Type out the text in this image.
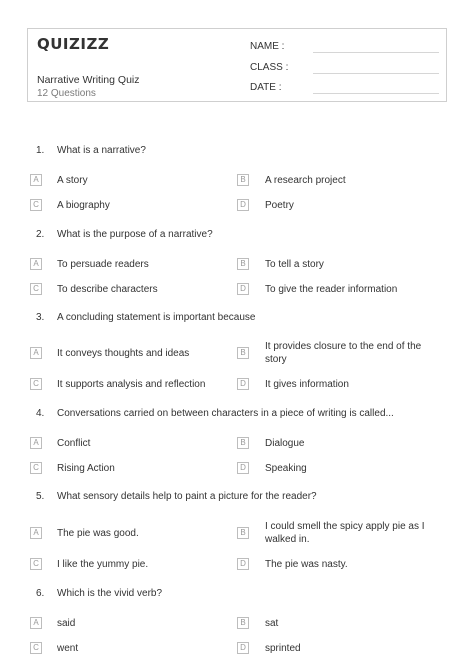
QUIZIZZ
Narrative Writing Quiz
12 Questions
NAME :
CLASS :
DATE :
1. What is a narrative?
A	A story	B	A research project
C	A biography	D	Poetry
2. What is the purpose of a narrative?
A	To persuade readers	B	To tell a story
C	To describe characters	D	To give the reader information
3. A concluding statement is important because
A	It conveys thoughts and ideas	B
It provides closure to the end of the story
C	It supports analysis and reflection	D	It gives information
4. Conversations carried on between characters in a piece of writing is called...
A	Conflict	B	Dialogue
C	Rising Action	D	Speaking
5. What sensory details help to paint a picture for the reader?
A	The pie was good.	B
I could smell the spicy apply pie as I walked in.
C	I like the yummy pie.	D	The pie was nasty.
6. Which is the vivid verb?
A	said	B	sat
C	went	D	sprinted
